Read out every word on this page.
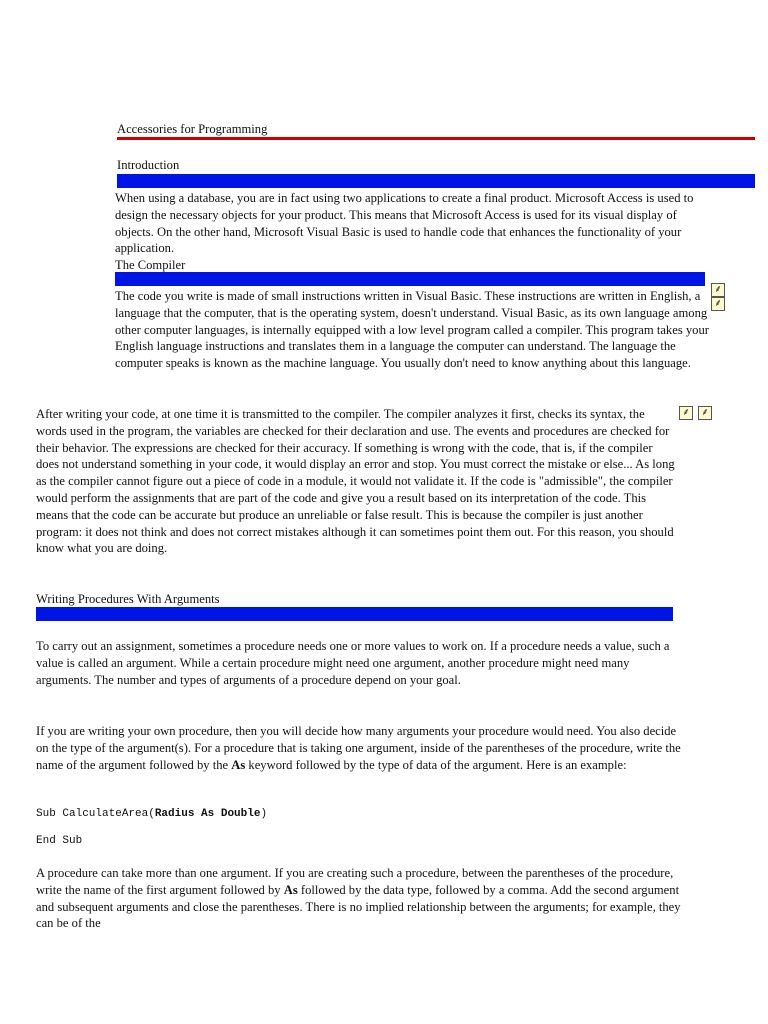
Accessories for Programming
Introduction

When using a database, you are in fact using two applications to create a final product. Microsoft Access is used to design the necessary objects for your product. This means that Microsoft Access is used for its visual display of objects. On the other hand, Microsoft Visual Basic is used to handle code that enhances the functionality of your application.

The Compiler

The code you write is made of small instructions written in Visual Basic. These instructions are written in English, a language that the computer, that is the operating system, doesn't understand. Visual Basic, as its own language among other computer languages, is internally equipped with a low level program called a compiler. This program takes your English language instructions and translates them in a language the computer can understand. The language the computer speaks is known as the machine language. You usually don't need to know anything about this language.

⸙
⸙

After writing your code, at one time it is transmitted to the compiler. The compiler analyzes it first, checks its syntax, the words used in the program, the variables are checked for their declaration and use. The events and procedures are checked for their behavior. The expressions are checked for their accuracy. If something is wrong with the code, that is, if the compiler does not understand something in your code, it would display an error and stop. You must correct the mistake or else... As long as the compiler cannot figure out a piece of code in a module, it would not validate it. If the code is "admissible", the compiler would perform the assignments that are part of the code and give you a result based on its interpretation of the code. This means that the code can be accurate but produce an unreliable or false result. This is because the compiler is just another program: it does not think and does not correct mistakes although it can sometimes point them out. For this reason, you should know what you are doing.

⸙	⸙
Writing Procedures With Arguments

To carry out an assignment, sometimes a procedure needs one or more values to work on. If a procedure needs a value, such a value is called an argument. While a certain procedure might need one argument, another procedure might need many arguments. The number and types of arguments of a procedure depend on your goal.

If you are writing your own procedure, then you will decide how many arguments your procedure would need. You also decide on the type of the argument(s). For a procedure that is taking one argument, inside of the parentheses of the procedure, write the name of the argument followed by the As keyword followed by the type of data of the argument. Here is an example:

Sub CalculateArea(Radius As Double)
End Sub

A procedure can take more than one argument. If you are creating such a procedure, between the parentheses of the procedure, write the name of the first argument followed by As followed by the data type, followed by a comma. Add the second argument and subsequent arguments and close the parentheses. There is no implied relationship between the arguments; for example, they can be of the
